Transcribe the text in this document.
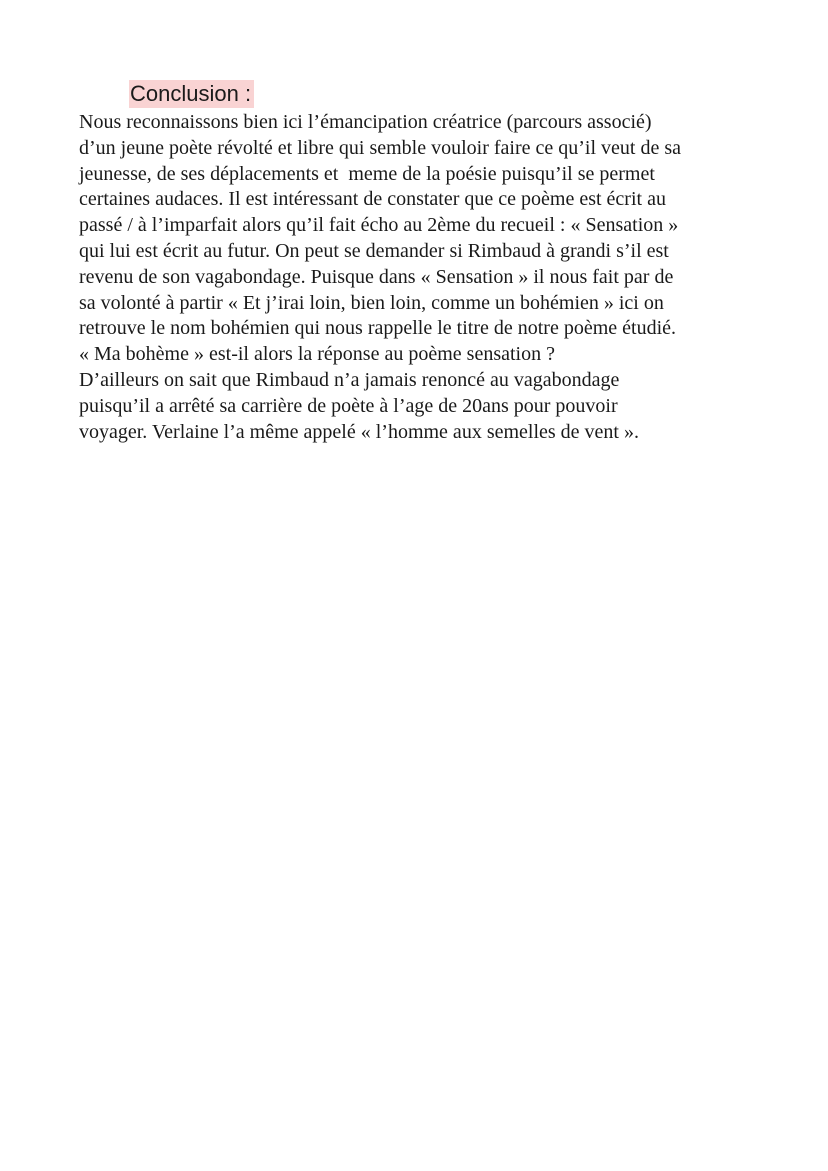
Conclusion :
Nous reconnaissons bien ici l’émancipation créatrice (parcours associé)
d’un jeune poète révolté et libre qui semble vouloir faire ce qu’il veut de sa
jeunesse, de ses déplacements et  meme de la poésie puisqu’il se permet
certaines audaces. Il est intéressant de constater que ce poème est écrit au
passé / à l’imparfait alors qu’il fait écho au 2ème du recueil : « Sensation »
qui lui est écrit au futur. On peut se demander si Rimbaud à grandi s’il est
revenu de son vagabondage. Puisque dans « Sensation » il nous fait par de
sa volonté à partir « Et j’irai loin, bien loin, comme un bohémien » ici on
retrouve le nom bohémien qui nous rappelle le titre de notre poème étudié.
« Ma bohème » est-il alors la réponse au poème sensation ?
D’ailleurs on sait que Rimbaud n’a jamais renoncé au vagabondage
puisqu’il a arrêté sa carrière de poète à l’age de 20ans pour pouvoir
voyager. Verlaine l’a même appelé « l’homme aux semelles de vent ».
